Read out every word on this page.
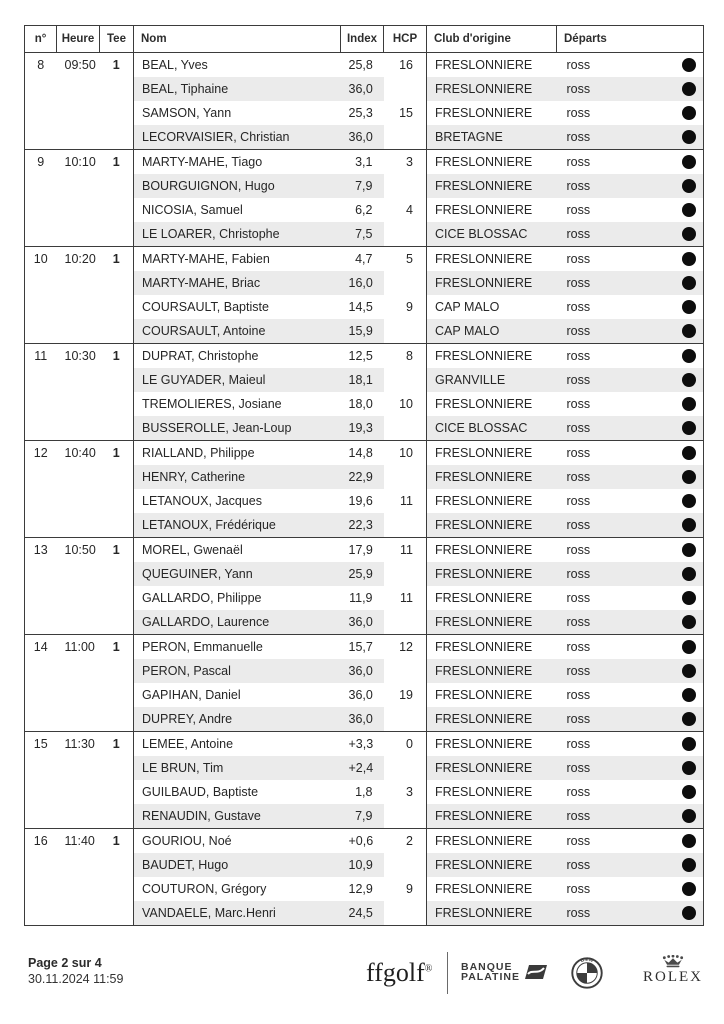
n°	Heure	Tee	Nom	Index	HCP	Club d'origine	Départs
8	09:50	1	BEAL, Yves	25,8	16	FRESLONNIERE	ross

			BEAL, Tiphaine	36,0		FRESLONNIERE	ross

			SAMSON, Yann	25,3	15	FRESLONNIERE	ross

			LECORVAISIER, Christian	36,0		BRETAGNE	ross

9	10:10	1	MARTY-MAHE, Tiago	3,1	3	FRESLONNIERE	ross

			BOURGUIGNON, Hugo	7,9		FRESLONNIERE	ross

			NICOSIA, Samuel	6,2	4	FRESLONNIERE	ross

			LE LOARER, Christophe	7,5		CICE BLOSSAC	ross

10	10:20	1	MARTY-MAHE, Fabien	4,7	5	FRESLONNIERE	ross

			MARTY-MAHE, Briac	16,0		FRESLONNIERE	ross

			COURSAULT, Baptiste	14,5	9	CAP MALO	ross

			COURSAULT, Antoine	15,9		CAP MALO	ross

11	10:30	1	DUPRAT, Christophe	12,5	8	FRESLONNIERE	ross

			LE GUYADER, Maieul	18,1		GRANVILLE	ross

			TREMOLIERES, Josiane	18,0	10	FRESLONNIERE	ross

			BUSSEROLLE, Jean-Loup	19,3		CICE BLOSSAC	ross

12	10:40	1	RIALLAND, Philippe	14,8	10	FRESLONNIERE	ross

			HENRY, Catherine	22,9		FRESLONNIERE	ross

			LETANOUX, Jacques	19,6	11	FRESLONNIERE	ross

			LETANOUX, Frédérique	22,3		FRESLONNIERE	ross

13	10:50	1	MOREL, Gwenaël	17,9	11	FRESLONNIERE	ross

			QUEGUINER, Yann	25,9		FRESLONNIERE	ross

			GALLARDO, Philippe	11,9	11	FRESLONNIERE	ross

			GALLARDO, Laurence	36,0		FRESLONNIERE	ross

14	11:00	1	PERON, Emmanuelle	15,7	12	FRESLONNIERE	ross

			PERON, Pascal	36,0		FRESLONNIERE	ross

			GAPIHAN, Daniel	36,0	19	FRESLONNIERE	ross

			DUPREY, Andre	36,0		FRESLONNIERE	ross

15	11:30	1	LEMEE, Antoine	+3,3	0	FRESLONNIERE	ross

			LE BRUN, Tim	+2,4		FRESLONNIERE	ross

			GUILBAUD, Baptiste	1,8	3	FRESLONNIERE	ross

			RENAUDIN, Gustave	7,9		FRESLONNIERE	ross

16	11:40	1	GOURIOU, Noé	+0,6	2	FRESLONNIERE	ross

			BAUDET, Hugo	10,9		FRESLONNIERE	ross

			COUTURON, Grégory	12,9	9	FRESLONNIERE	ross

			VANDAELE, Marc.Henri	24,5		FRESLONNIERE	ross
Page 2 sur 4
30.11.2024 11:59	ffgolf®	BANQUE
PALATINE
BMW
ROLEX
